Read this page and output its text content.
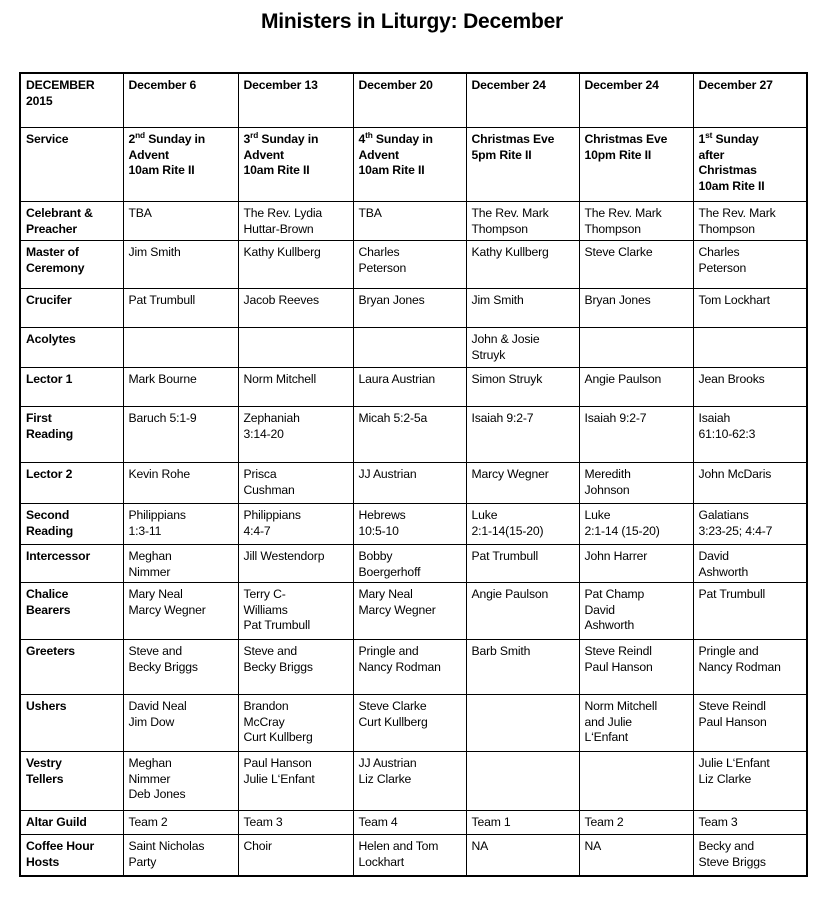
Ministers in Liturgy: December
DECEMBER
2015	December 6	December 13	December 20	December 24	December 24	December 27

Service	2nd Sunday in
Advent
10am Rite II	3rd Sunday in
Advent
10am Rite II	4th Sunday in
Advent
10am Rite II	Christmas Eve
5pm Rite II	Christmas Eve
10pm Rite II	1st Sunday
after
Christmas
10am Rite II

Celebrant &
Preacher	TBA	The Rev. Lydia
Huttar-Brown	TBA	The Rev. Mark
Thompson	The Rev. Mark
Thompson	The Rev. Mark
Thompson

Master of
Ceremony	Jim Smith	Kathy Kullberg	Charles
Peterson	Kathy Kullberg	Steve Clarke	Charles
Peterson

Crucifer	Pat Trumbull	Jacob Reeves	Bryan Jones	Jim Smith	Bryan Jones	Tom Lockhart

Acolytes				John & Josie
Struyk		

Lector 1	Mark Bourne	Norm Mitchell	Laura Austrian	Simon Struyk	Angie Paulson	Jean Brooks

First
Reading	Baruch 5:1-9	Zephaniah
3:14-20	Micah 5:2-5a	Isaiah 9:2-7	Isaiah 9:2-7	Isaiah
61:10-62:3

Lector 2	Kevin Rohe	Prisca
Cushman	JJ Austrian	Marcy Wegner	Meredith
Johnson	John McDaris

Second
Reading	Philippians
1:3-11	Philippians
4:4-7	Hebrews
10:5-10	Luke
2:1-14(15-20)	Luke
2:1-14 (15-20)	Galatians
3:23-25; 4:4-7

Intercessor	Meghan
Nimmer	Jill Westendorp	Bobby
Boergerhoff	Pat Trumbull	John Harrer	David
Ashworth

Chalice
Bearers	Mary Neal
Marcy Wegner	Terry C-
Williams
Pat Trumbull	Mary Neal
Marcy Wegner	Angie Paulson	Pat Champ
David
Ashworth	Pat Trumbull

Greeters	Steve and
Becky Briggs	Steve and
Becky Briggs	Pringle and
Nancy Rodman	Barb Smith	Steve Reindl
Paul Hanson	Pringle and
Nancy Rodman

Ushers	David Neal
Jim Dow	Brandon
McCray
Curt Kullberg	Steve Clarke
Curt Kullberg		Norm Mitchell
and Julie
L‘Enfant	Steve Reindl
Paul Hanson

Vestry
Tellers	Meghan
Nimmer
Deb Jones	Paul Hanson
Julie L‘Enfant	JJ Austrian
Liz Clarke			Julie L‘Enfant
Liz Clarke

Altar Guild	Team 2	Team 3	Team 4	Team 1	Team 2	Team 3

Coffee Hour
Hosts	Saint Nicholas
Party	Choir	Helen and Tom
Lockhart	NA	NA	Becky and
Steve Briggs
